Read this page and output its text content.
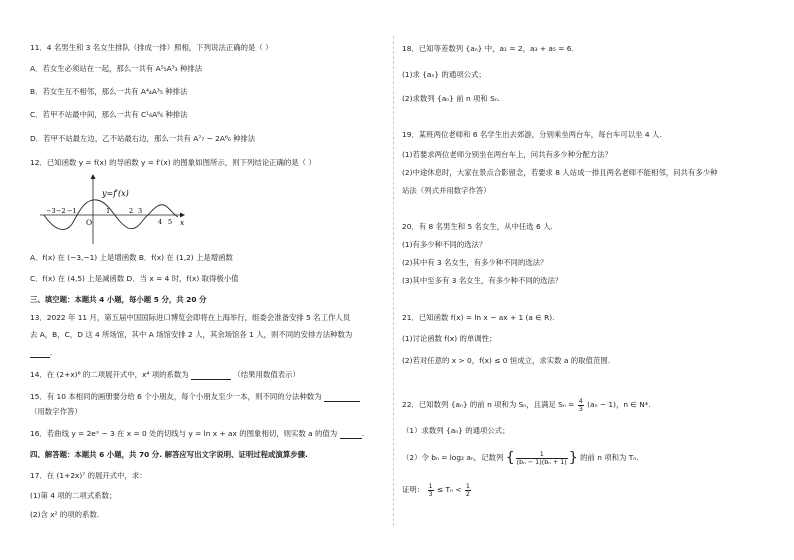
11．4 名男生和 3 名女生排队（排成一排）照相，下列说法正确的是（ ）
A．若女生必须站在一起，那么一共有 A⁵₅A³₃ 种排法
B．若女生互不相邻，那么一共有 A⁴₄A³₅ 种排法
C．若甲不站最中间，那么一共有 C¹₆A⁶₆ 种排法
D．若甲不站最左边，乙不站最右边，那么一共有 A⁷₇ − 2A⁶₆ 种排法
12．已知函数 y = f(x) 的导函数 y = f′(x) 的图象如图所示，则下列结论正确的是（ ）
y=f′(x)
O	x
−3 −2 −1	1	2 3
4 5
A．f(x) 在 (−3,−1) 上是增函数 B．f(x) 在 (1,2) 上是增函数
C．f(x) 在 (4,5) 上是减函数 D．当 x = 4 时，f(x) 取得极小值
三、填空题：本题共 4 小题，每小题 5 分，共 20 分
13．2022 年 11 月，第五届中国国际进口博览会即将在上海举行，组委会准备安排 5 名工作人员
去 A，B，C，D 这 4 所场馆，其中 A 场馆安排 2 人，其余场馆各 1 人，则不同的安排方法种数为
.
14．在 (2+x)⁶ 的二项展开式中，x⁴ 项的系数为	（结果用数值表示）
15．有 10 本相同的画册要分给 6 个小朋友，每个小朋友至少一本，则不同的分法种数为
（用数字作答）
16．若曲线 y = 2eˣ − 3 在 x = 0 处的切线与 y = ln x + ax 的图象相切，则实数 a 的值为	.
四、解答题：本题共 6 小题，共 70 分. 解答应写出文字说明、证明过程或演算步骤.
17．在 (1+2x)⁷ 的展开式中，求：
(1)第 4 项的二项式系数；
(2)含 x² 的项的系数.
18．已知等差数列 {aₙ} 中，a₁ = 2，a₃ + a₅ = 6.
(1)求 {aₙ} 的通项公式；
(2)求数列 {aₙ} 前 n 项和 Sₙ.
19．某班两位老师和 6 名学生出去郊游，分别乘坐两台车，每台车可以坐 4 人.
(1)若要求两位老师分别坐在两台车上，问共有多少种分配方法？
(2)中途休息时，大家在景点合影留念，若要求 8 人站成一排且两名老师不能相邻，问共有多少种
站法（列式并用数字作答）
20．有 8 名男生和 5 名女生，从中任选 6 人.
(1)有多少种不同的选法？
(2)其中有 3 名女生，有多少种不同的选法？
(3)其中至多有 3 名女生，有多少种不同的选法？
21．已知函数 f(x) = ln x − ax + 1 (a ∈ R).
(1)讨论函数 f(x) 的单调性；
(2)若对任意的 x > 0，f(x) ≤ 0 恒成立，求实数 a 的取值范围.
22．已知数列 {aₙ} 的前 n 项和为 Sₙ，且满足 $S_n = \frac{4}{3} (a_n - 1)$，n ∈ N*.
（1）求数列 {aₙ} 的通项公式；
（2）令 bₙ = log₂ aₙ，记数列 { $\frac{1}{\text{(bₙ − 1)(bₙ + 1)}}$ } 的前 n 项和为 Tₙ.
证明： $\frac{1}{3} \le T_n < \frac{1}{2}$
